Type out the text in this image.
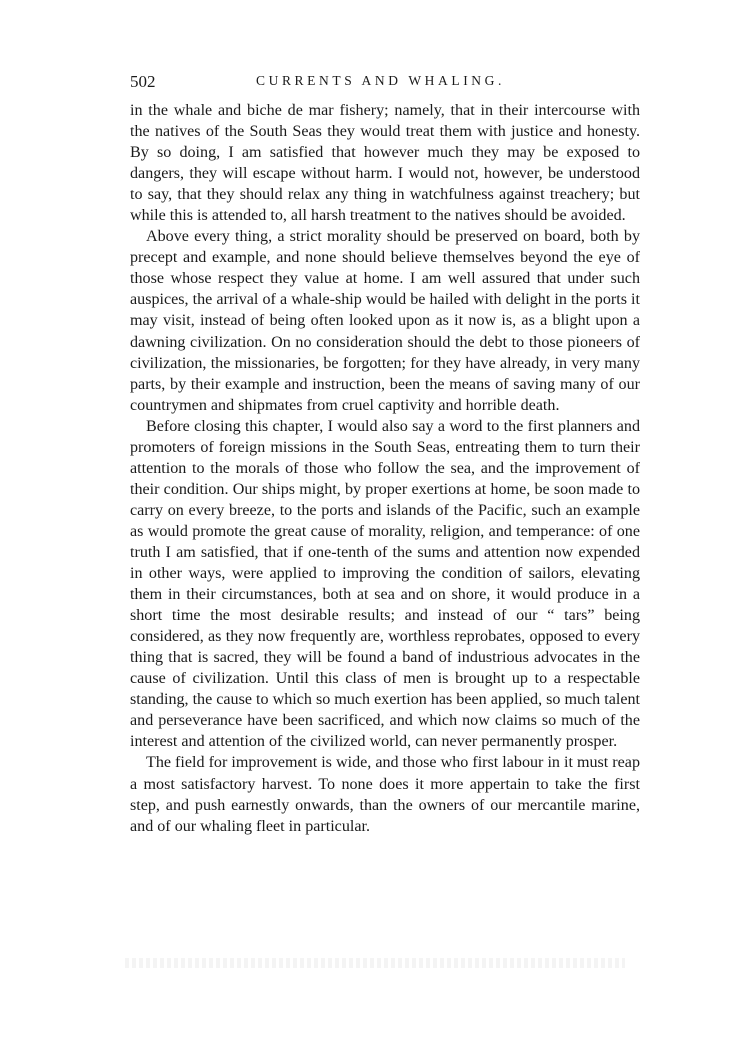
502	CURRENTS AND WHALING.

in the whale and biche de mar fishery; namely, that in their intercourse with the natives of the South Seas they would treat them with justice and honesty. By so doing, I am satisfied that however much they may be exposed to dangers, they will escape without harm. I would not, however, be understood to say, that they should relax any thing in watchfulness against treachery; but while this is attended to, all harsh treatment to the natives should be avoided.

Above every thing, a strict morality should be preserved on board, both by precept and example, and none should believe themselves beyond the eye of those whose respect they value at home. I am well assured that under such auspices, the arrival of a whale-ship would be hailed with delight in the ports it may visit, instead of being often looked upon as it now is, as a blight upon a dawning civilization. On no consideration should the debt to those pioneers of civilization, the missionaries, be forgotten; for they have already, in very many parts, by their example and instruction, been the means of saving many of our countrymen and shipmates from cruel captivity and horrible death.

Before closing this chapter, I would also say a word to the first planners and promoters of foreign missions in the South Seas, entreating them to turn their attention to the morals of those who follow the sea, and the improvement of their condition. Our ships might, by proper exertions at home, be soon made to carry on every breeze, to the ports and islands of the Pacific, such an example as would promote the great cause of morality, religion, and temperance: of one truth I am satisfied, that if one-tenth of the sums and attention now expended in other ways, were applied to improving the condition of sailors, elevating them in their circumstances, both at sea and on shore, it would produce in a short time the most desirable results; and instead of our “ tars” being considered, as they now frequently are, worthless reprobates, opposed to every thing that is sacred, they will be found a band of industrious advocates in the cause of civilization. Until this class of men is brought up to a respectable standing, the cause to which so much exertion has been applied, so much talent and perseverance have been sacrificed, and which now claims so much of the interest and attention of the civilized world, can never permanently prosper.

The field for improvement is wide, and those who first labour in it must reap a most satisfactory harvest. To none does it more appertain to take the first step, and push earnestly onwards, than the owners of our mercantile marine, and of our whaling fleet in particular.
